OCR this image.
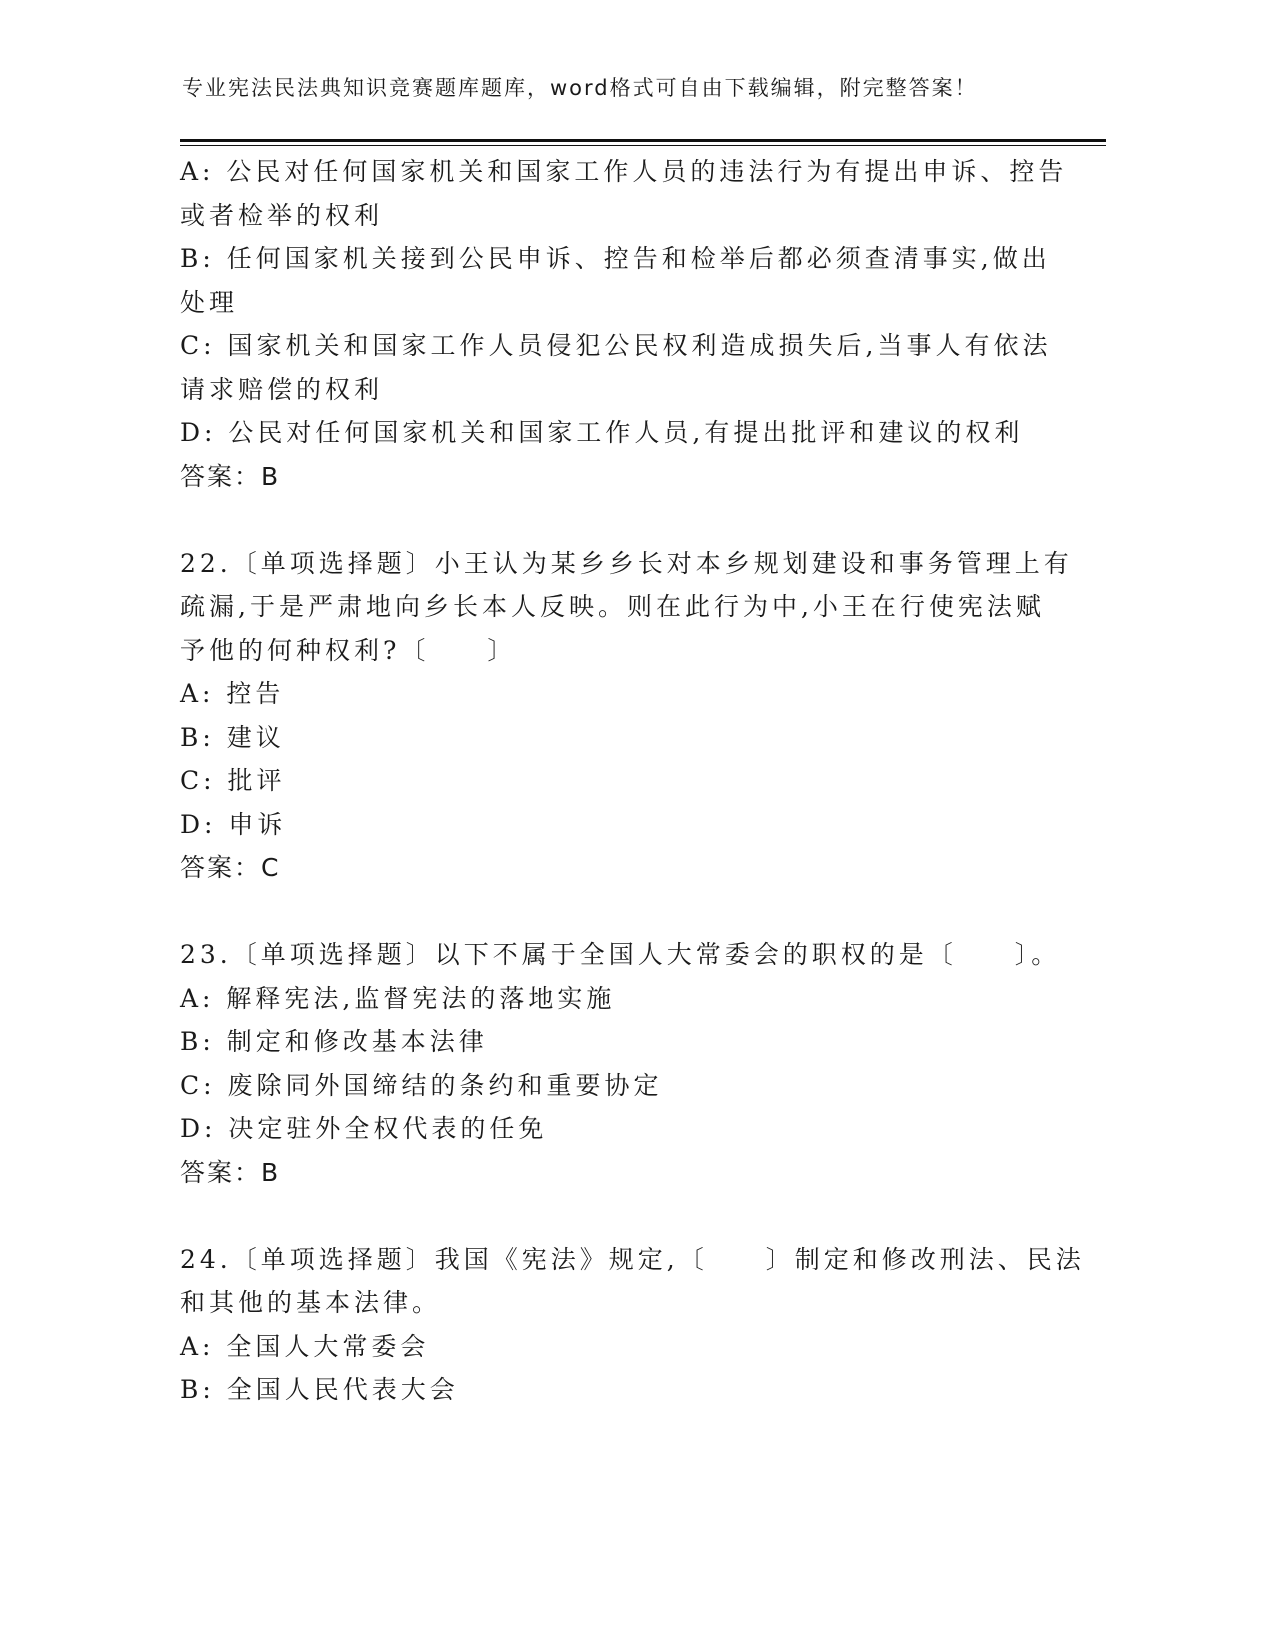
专业宪法民法典知识竞赛题库题库，word格式可自由下载编辑，附完整答案！
A: 公民对任何国家机关和国家工作人员的违法行为有提出申诉、控告
或者检举的权利
B: 任何国家机关接到公民申诉、控告和检举后都必须查清事实,做出
处理
C: 国家机关和国家工作人员侵犯公民权利造成损失后,当事人有依法
请求赔偿的权利
D: 公民对任何国家机关和国家工作人员,有提出批评和建议的权利
答案：B
22.〔单项选择题〕小王认为某乡乡长对本乡规划建设和事务管理上有
疏漏,于是严肃地向乡长本人反映。则在此行为中,小王在行使宪法赋
予他的何种权利?〔　　〕
A: 控告
B: 建议
C: 批评
D: 申诉
答案：C
23.〔单项选择题〕以下不属于全国人大常委会的职权的是〔　　〕。
A: 解释宪法,监督宪法的落地实施
B: 制定和修改基本法律
C: 废除同外国缔结的条约和重要协定
D: 决定驻外全权代表的任免
答案：B
24.〔单项选择题〕我国《宪法》规定,〔　　〕制定和修改刑法、民法
和其他的基本法律。
A: 全国人大常委会
B: 全国人民代表大会
